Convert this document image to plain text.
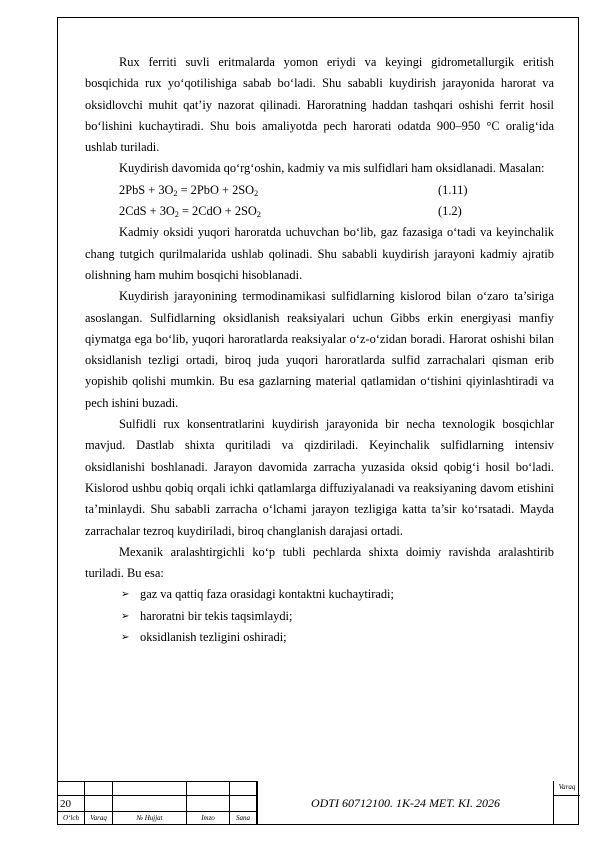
Rux ferriti suvli eritmalarda yomon eriydi va keyingi gidrometallurgik eritish bosqichida rux yo‘qotilishiga sabab bo‘ladi. Shu sababli kuydirish jarayonida harorat va oksidlovchi muhit qat’iy nazorat qilinadi. Haroratning haddan tashqari oshishi ferrit hosil bo‘lishini kuchaytiradi. Shu bois amaliyotda pech harorati odatda 900–950 °C oralig‘ida ushlab turiladi.

Kuydirish davomida qo‘rg‘oshin, kadmiy va mis sulfidlari ham oksidlanadi. Masalan:

$2PbS + 3O_2 = 2PbO + 2SO_2$	(1.11)
$2CdS + 3O_2 = 2CdO + 2SO_2$	(1.2)

Kadmiy oksidi yuqori haroratda uchuvchan bo‘lib, gaz fazasiga o‘tadi va keyinchalik chang tutgich qurilmalarida ushlab qolinadi. Shu sababli kuydirish jarayoni kadmiy ajratib olishning ham muhim bosqichi hisoblanadi.

Kuydirish jarayonining termodinamikasi sulfidlarning kislorod bilan o‘zaro ta’siriga asoslangan. Sulfidlarning oksidlanish reaksiyalari uchun Gibbs erkin energiyasi manfiy qiymatga ega bo‘lib, yuqori haroratlarda reaksiyalar o‘z-o‘zidan boradi. Harorat oshishi bilan oksidlanish tezligi ortadi, biroq juda yuqori haroratlarda sulfid zarrachalari qisman erib yopishib qolishi mumkin. Bu esa gazlarning material qatlamidan o‘tishini qiyinlashtiradi va pech ishini buzadi.

Sulfidli rux konsentratlarini kuydirish jarayonida bir necha texnologik bosqichlar mavjud. Dastlab shixta quritiladi va qizdiriladi. Keyinchalik sulfidlarning intensiv oksidlanishi boshlanadi. Jarayon davomida zarracha yuzasida oksid qobig‘i hosil bo‘ladi. Kislorod ushbu qobiq orqali ichki qatlamlarga diffuziyalanadi va reaksiyaning davom etishini ta’minlaydi. Shu sababli zarracha o‘lchami jarayon tezligiga katta ta’sir ko‘rsatadi. Mayda zarrachalar tezroq kuydiriladi, biroq changlanish darajasi ortadi.

Mexanik aralashtirgichli ko‘p tubli pechlarda shixta doimiy ravishda aralashtirib turiladi. Bu esa:

➢ gaz va qattiq faza orasidagi kontaktni kuchaytiradi;
➢ haroratni bir tekis taqsimlaydi;
➢ oksidlanish tezligini oshiradi;

20				
O‘lch	Varaq	№ Hujjat	Imzo	Sana
ODTI 60712100. 1K-24 MET. KI. 2026
Varaq
